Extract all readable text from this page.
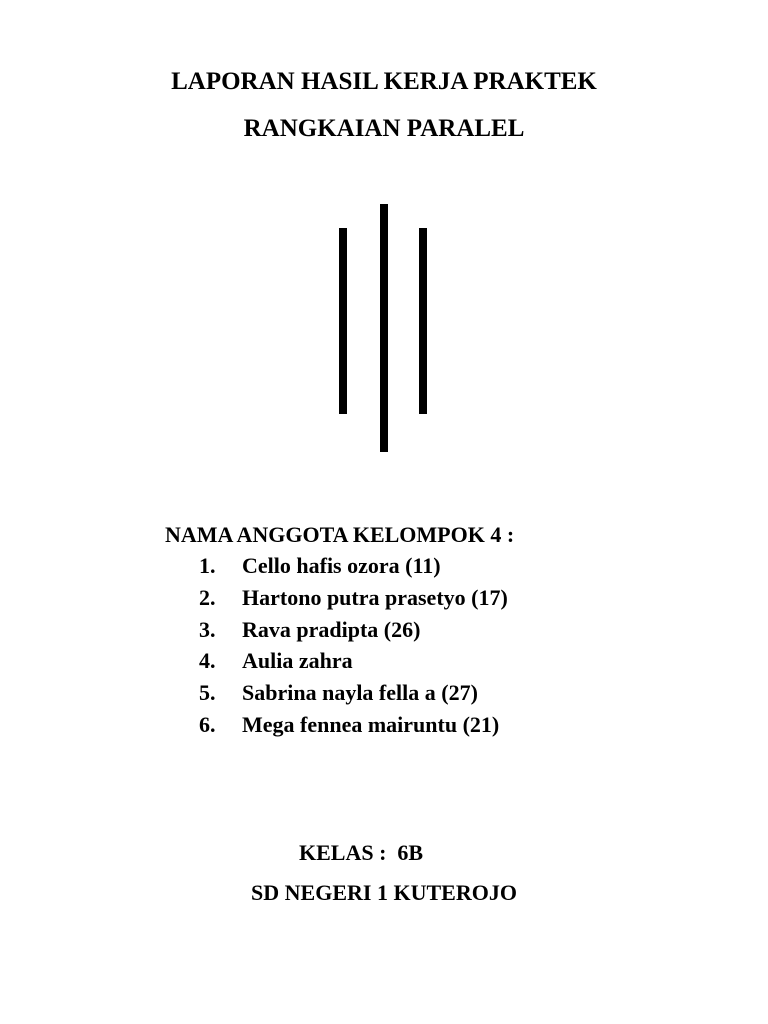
LAPORAN HASIL KERJA PRAKTEK
RANGKAIAN PARALEL
NAMA ANGGOTA KELOMPOK 4 :
1. Cello hafis ozora (11)
2. Hartono putra prasetyo (17)
3. Rava pradipta (26)
4. Aulia zahra
5. Sabrina nayla fella a (27)
6. Mega fennea mairuntu (21)
KELAS : 6B
SD NEGERI 1 KUTEROJO
